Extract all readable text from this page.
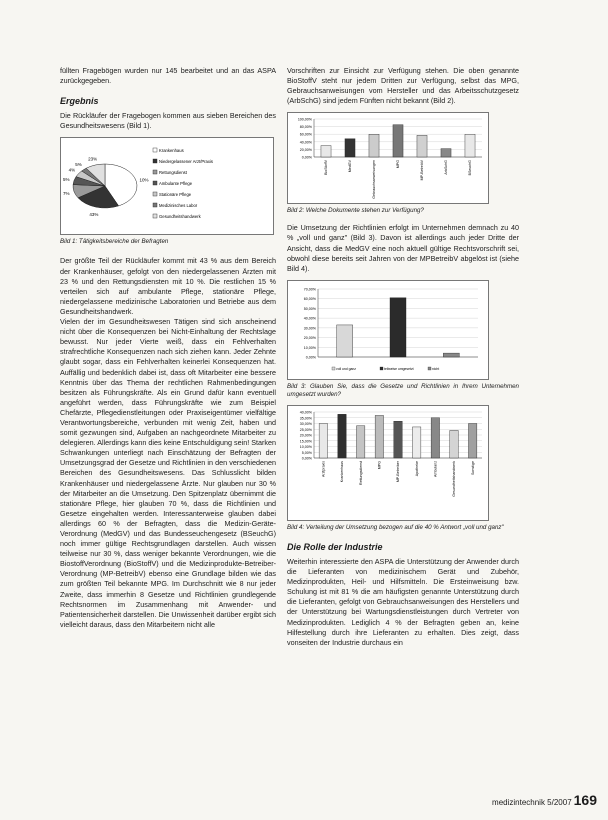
füllten Fragebögen wurden nur 145 bearbeitet und an das ASPA zurückgegeben.

Ergebnis

Die Rückläufer der Fragebogen kommen aus sieben Bereichen des Gesundheitswesens (Bild 1).

10%
43%
7%
5%
4%
5%
23%
Krankenhaus
Niedergelassener Arzt/Praxis
Rettungsdienst
Ambulante Pflege
Stationäre Pflege
Medizinisches Labor
Gesundheitshandwerk

Bild 1: Tätigkeitsbereiche der Befragten

Der größte Teil der Rückläufer kommt mit 43 % aus dem Bereich der Krankenhäuser, gefolgt von den niedergelassenen Ärzten mit 23 % und den Rettungsdiensten mit 10 %. Die restlichen 15 % verteilen sich auf ambulante Pflege, stationäre Pflege, niedergelassene medizinische Laboratorien und Betriebe aus dem Gesundheitshandwerk.

Vielen der im Gesundheitswesen Tätigen sind sich anscheinend nicht über die Konsequenzen bei Nicht-Einhaltung der Rechtslage bewusst. Nur jeder Vierte weiß, dass ein Fehlverhalten strafrechtliche Konsequenzen nach sich ziehen kann. Jeder Zehnte glaubt sogar, dass ein Fehlverhalten keinerlei Konsequenzen hat. Auffällig und bedenklich dabei ist, dass oft Mitarbeiter eine bessere Kenntnis über das Thema der rechtlichen Rahmenbedingungen besitzen als Führungskräfte. Als ein Grund dafür kann eventuell angeführt werden, dass Führungskräfte wie zum Beispiel Chefärzte, Pflegedienstleitungen oder Praxiseigentümer vielfältige Verantwortungsbereiche, verbunden mit wenig Zeit, haben und somit gezwungen sind, Aufgaben an nachgeordnete Mitarbeiter zu delegieren. Allerdings kann dies keine Entschuldigung sein! Starken Schwankungen unterliegt nach Einschätzung der Befragten der Umsetzungsgrad der Gesetze und Richtlinien in den verschiedenen Bereichen des Gesundheitswesens. Das Schlusslicht bilden Krankenhäuser und niedergelassene Ärzte. Nur glauben nur 30 % der Mitarbeiter an die Umsetzung. Den Spitzenplatz übernimmt die stationäre Pflege, hier glauben 70 %, dass die Richtlinien und Gesetze eingehalten werden. Interessanterweise glauben dabei allerdings 60 % der Befragten, dass die Medizin-Geräte-Verordnung (MedGV) und das Bundesseuchengesetz (BSeuchG) noch immer gültige Rechtsgrundlagen darstellen. Auch wissen teilweise nur 30 %, dass weniger bekannte Verordnungen, wie die BiostoffVerordnung (BioStoffV) und die Medizinprodukte-Betreiber-Verordnung (MP-BetreibV) ebenso eine Grundlage bilden wie das zum größten Teil bekannte MPG. Im Durchschnitt wie 8 nur jeder Zweite, dass immerhin 8 Gesetze und Richtlinien grundlegende Rechtsnormen im Zusammenhang mit Anwender- und Patientensicherheit darstellen. Die Unwissenheit darüber ergibt sich vielleicht daraus, dass den Mitarbeitern nicht alle

Vorschriften zur Einsicht zur Verfügung stehen. Die oben genannte BioStoffV steht nur jedem Dritten zur Verfügung, selbst das MPG, Gebrauchsanweisungen vom Hersteller und das Arbeitsschutzgesetz (ArbSchG) sind jedem Fünften nicht bekannt (Bild 2).

100,00%
80,00%
60,00%
40,00%
20,00%
0,00%
BioStoffV	MedGV	Gebrauchsanweisungen	MPG	MP-BetreibV	ArbSchG	BSeuchG

Bild 2: Welche Dokumente stehen zur Verfügung?

Die Umsetzung der Richtlinien erfolgt im Unternehmen demnach zu 40 % „voll und ganz" (Bild 3). Davon ist allerdings auch jeder Dritte der Ansicht, dass die MedGV eine noch aktuell gültige Rechtsvorschrift sei, obwohl diese bereits seit Jahren von der MPBetreibV abgelöst ist (siehe Bild 4).

70,00%
60,00%
50,00%
40,00%
30,00%
20,00%
10,00%
0,00%
voll und ganz	teilweise umgesetzt	nicht

Bild 3: Glauben Sie, dass die Gesetze und Richtlinien in Ihrem Unternehmen umgesetzt wurden?

40,00%
35,00%
30,00%
25,00%
20,00%
15,00%
10,00%
5,00%
0,00%
Arztpraxis	Krankenhaus	Rettungsdienst	MPG	MP-Betreiber	Apotheke	Ambulanz	Gesundheitshandwerk	Sonstige

Bild 4: Verteilung der Umsetzung bezogen auf die 40 % Antwort „voll und ganz"

Die Rolle der Industrie

Weiterhin interessierte den ASPA die Unterstützung der Anwender durch die Lieferanten von medizinischem Gerät und Zubehör, Medizinprodukten, Heil- und Hilfsmitteln. Die Ersteinweisung bzw. Schulung ist mit 81 % die am häufigsten genannte Unterstützung durch die Lieferanten, gefolgt von Gebrauchsanweisungen des Herstellers und der Unterstützung bei Wartungsdienstleistungen durch Vertreter von Medizinprodukten. Lediglich 4 % der Befragten geben an, keine Hilfestellung durch ihre Lieferanten zu erhalten. Dies zeigt, dass vonseiten der Industrie durchaus ein

medizintechnik 5/2007 169
